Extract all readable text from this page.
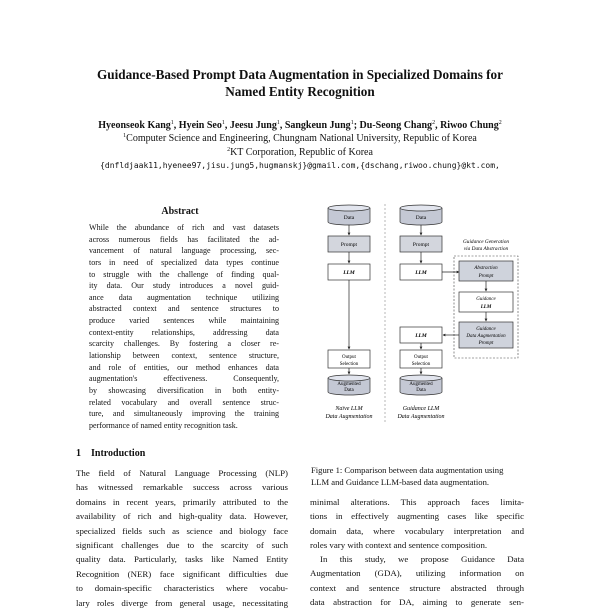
Guidance-Based Prompt Data Augmentation in Specialized Domains for
Named Entity Recognition
Hyeonseok Kang$^1$, Hyein Seo$^1$, Jeesu Jung$^1$, Sangkeun Jung$^1$; Du-Seong Chang$^2$, Riwoo Chung$^2$
$^1$Computer Science and Engineering, Chungnam National University, Republic of Korea
$^2$KT Corporation, Republic of Korea
{dnfldjaak11,hyenee97,jisu.jung5,hugmanskj}@gmail.com,{dschang,riwoo.chung}@kt.com,
Abstract
While the abundance of rich and vast datasets
across numerous fields has facilitated the ad-
vancement of natural language processing, sec-
tors in need of specialized data types continue
to struggle with the challenge of finding qual-
ity data. Our study introduces a novel guid-
ance data augmentation technique utilizing
abstracted context and sentence structures to
produce varied sentences while maintaining
context-entity relationships, addressing data
scarcity challenges. By fostering a closer re-
lationship between context, sentence structure,
and role of entities, our method enhances data
augmentation's effectiveness. Consequently,
by showcasing diversification in both entity-
related vocabulary and overall sentence struc-
ture, and simultaneously improving the training
performance of named entity recognition task.
1 Introduction
The field of Natural Language Processing (NLP)
has witnessed remarkable success across various
domains in recent years, primarily attributed to the
availability of rich and high-quality data. However,
specialized fields such as science and biology face
significant challenges due to the scarcity of such
quality data. Particularly, tasks like Named Entity
Recognition (NER) face significant difficulties due
to domain-specific characteristics where vocabu-
lary roles diverge from general usage, necessitating
minimal alterations. This approach faces limita-
tions in effectively augmenting cases like specific
domain data, where vocabulary interpretation and
roles vary with context and sentence composition.
In this study, we propose Guidance Data
Augmentation (GDA), utilizing information on
context and sentence structure abstracted through
data abstraction for DA, aiming to generate sen-
Data
Prompt
LLM
Output
Selection
Augmented
Data
Naïve LLM
Data Augmentation
Data
Prompt
LLM
Guidance Generation
via Data Abstraction
Abstraction
Prompt
Guidance
LLM
Guidance
Data Augmentation
Prompt
LLM
Output
Selection
Augmented
Data
Guidance LLM
Data Augmentation
Figure 1: Comparison between data augmentation using
LLM and Guidance LLM-based data augmentation.
